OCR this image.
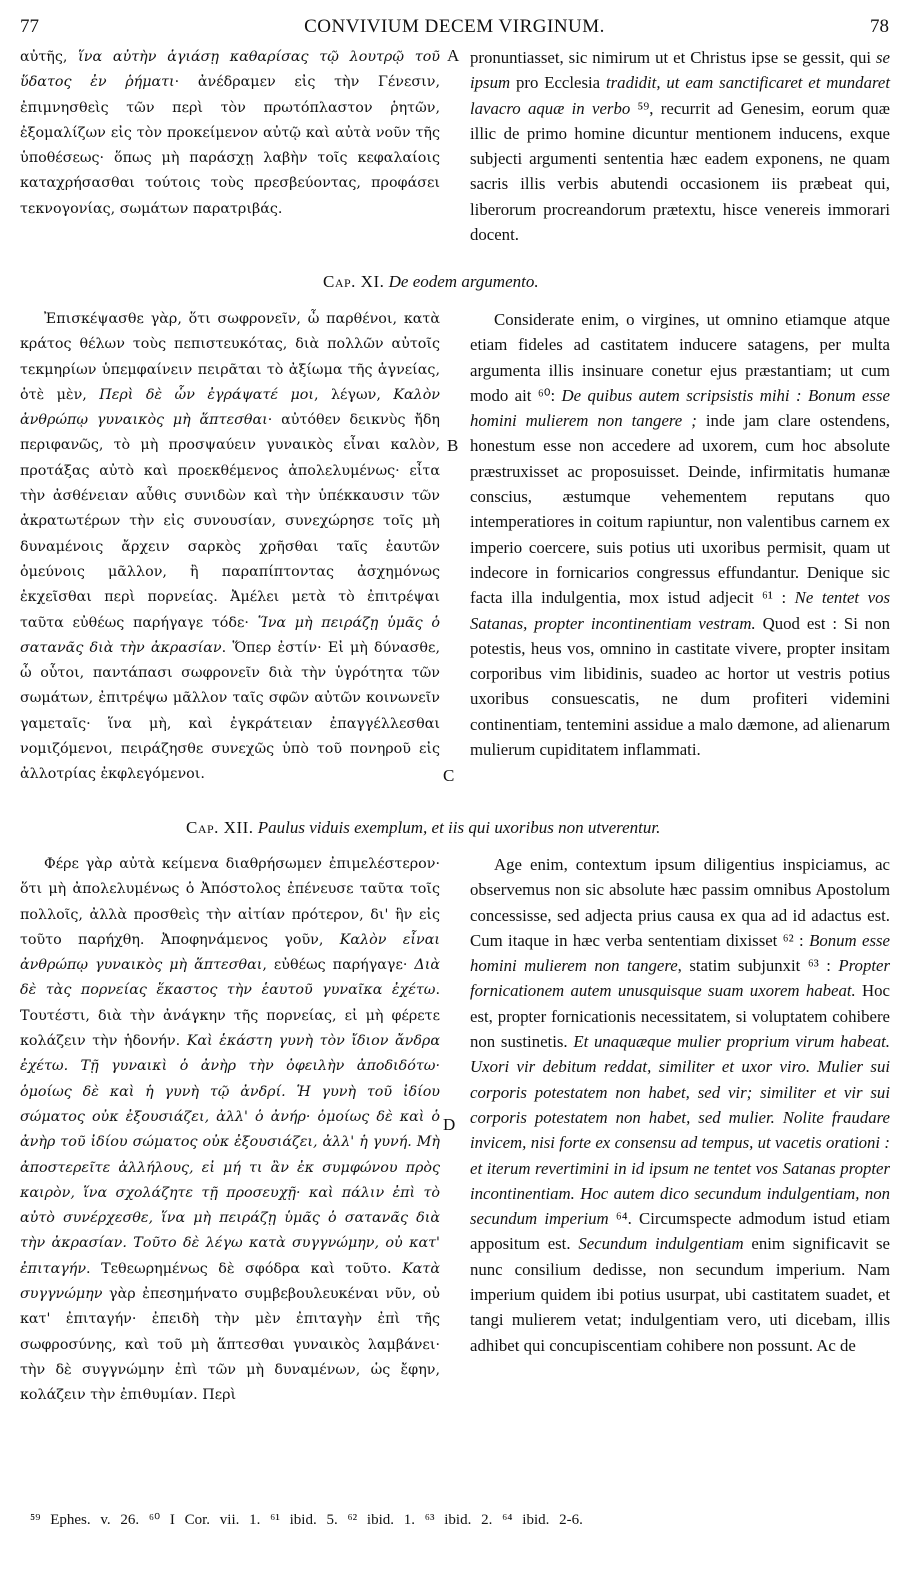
77	CONVIVIUM DECEM VIRGINUM.	78

αὐτῆς, ἵνα αὐτὴν ἁγιάσῃ καθαρίσας τῷ λουτρῷ τοῦ ὕδατος ἐν ῥήματι· ἀνέδραμεν εἰς τὴν Γένεσιν, ἐπιμνησθεὶς τῶν περὶ τὸν πρωτόπλαστον ῥητῶν, ἐξομαλίζων εἰς τὸν προκείμενον αὐτῷ καὶ αὐτὰ νοῦν τῆς ὑποθέσεως· ὅπως μὴ παράσχῃ λαβὴν τοῖς κεφαλαίοις καταχρήσασθαι τούτοις τοὺς πρεσβεύοντας, προφάσει τεκνογονίας, σωμάτων παρατριβάς.

A pronuntiasset, sic nimirum ut et Christus ipse se gessit, qui se ipsum pro Ecclesia tradidit, ut eam sanctificaret et mundaret lavacro aquæ in verbo ⁵⁹, recurrit ad Genesim, eorum quæ illic de primo homine dicuntur mentionem inducens, exque subjecti argumenti sententia hæc eadem exponens, ne quam sacris illis verbis abutendi occasionem iis præbeat qui, liberorum procreandorum prætextu, hisce venereis immorari docent.

Cap. XI. De eodem argumento.

Ἐπισκέψασθε γὰρ, ὅτι σωφρονεῖν, ὦ παρθένοι, κατὰ κράτος θέλων τοὺς πεπιστευκότας, διὰ πολλῶν αὐτοῖς τεκμηρίων ὑπεμφαίνειν πειρᾶται τὸ ἀξίωμα τῆς ἁγνείας, ὁτὲ μὲν, Περὶ δὲ ὧν ἐγράψατέ μοι, λέγων, Καλὸν ἀνθρώπῳ γυναικὸς μὴ ἅπτεσθαι· αὐτόθεν δεικνὺς ἤδη περιφανῶς, τὸ μὴ προσψαύειν γυναικὸς εἶναι καλὸν, προτάξας αὐτὸ καὶ προεκθέμενος ἀπολελυμένως· εἶτα τὴν ἀσθένειαν αὖθις συνιδὼν καὶ τὴν ὑπέκκαυσιν τῶν ἀκρατωτέρων τὴν εἰς συνουσίαν, συνεχώρησε τοῖς μὴ δυναμένοις ἄρχειν σαρκὸς χρῆσθαι ταῖς ἑαυτῶν ὁμεύνοις μᾶλλον, ἢ παραπίπτοντας ἀσχημόνως ἐκχεῖσθαι περὶ πορνείας. Ἀμέλει μετὰ τὸ ἐπιτρέψαι ταῦτα εὐθέως παρήγαγε τόδε· Ἵνα μὴ πειράζῃ ὑμᾶς ὁ σατανᾶς διὰ τὴν ἀκρασίαν. Ὅπερ ἐστίν· Εἰ μὴ δύνασθε, ὦ οὗτοι, παντάπασι σωφρονεῖν διὰ τὴν ὑγρότητα τῶν σωμάτων, ἐπιτρέψω μᾶλλον ταῖς σφῶν αὐτῶν κοινωνεῖν γαμεταῖς· ἵνα μὴ, καὶ ἐγκράτειαν ἐπαγγέλλεσθαι νομιζόμενοι, πειράζησθε συνεχῶς ὑπὸ τοῦ πονηροῦ εἰς ἀλλοτρίας ἐκφλεγόμενοι.

B
C

Considerate enim, o virgines, ut omnino etiamque atque etiam fideles ad castitatem inducere satagens, per multa argumenta illis insinuare conetur ejus præstantiam; ut cum modo ait ⁶⁰: De quibus autem scripsistis mihi : Bonum esse homini mulierem non tangere ; inde jam clare ostendens, honestum esse non accedere ad uxorem, cum hoc absolute præstruxisset ac proposuisset. Deinde, infirmitatis humanæ conscius, æstumque vehementem reputans quo intemperatiores in coitum rapiuntur, non valentibus carnem ex imperio coercere, suis potius uti uxoribus permisit, quam ut indecore in fornicarios congressus effundantur. Denique sic facta illa indulgentia, mox istud adjecit ⁶¹ : Ne tentet vos Satanas, propter incontinentiam vestram. Quod est : Si non potestis, heus vos, omnino in castitate vivere, propter insitam corporibus vim libidinis, suadeo ac hortor ut vestris potius uxoribus consuescatis, ne dum profiteri videmini continentiam, tentemini assidue a malo dæmone, ad alienarum mulierum cupiditatem inflammati.

Cap. XII. Paulus viduis exemplum, et iis qui uxoribus non utverentur.

Φέρε γὰρ αὐτὰ κείμενα διαθρήσωμεν ἐπιμελέστερον· ὅτι μὴ ἀπολελυμένως ὁ Ἀπόστολος ἐπένευσε ταῦτα τοῖς πολλοῖς, ἀλλὰ προσθεὶς τὴν αἰτίαν πρότερον, δι' ἣν εἰς τοῦτο παρήχθη. Ἀποφηνάμενος γοῦν, Καλὸν εἶναι ἀνθρώπῳ γυναικὸς μὴ ἅπτεσθαι, εὐθέως παρήγαγε· Διὰ δὲ τὰς πορνείας ἕκαστος τὴν ἑαυτοῦ γυναῖκα ἐχέτω. Τουτέστι, διὰ τὴν ἀνάγκην τῆς πορνείας, εἰ μὴ φέρετε κολάζειν τὴν ἡδονήν. Καὶ ἑκάστη γυνὴ τὸν ἴδιον ἄνδρα ἐχέτω. Τῇ γυναικὶ ὁ ἀνὴρ τὴν ὀφειλὴν ἀποδιδότω· ὁμοίως δὲ καὶ ἡ γυνὴ τῷ ἀνδρί. Ἡ γυνὴ τοῦ ἰδίου σώματος οὐκ ἐξουσιάζει, ἀλλ' ὁ ἀνήρ· ὁμοίως δὲ καὶ ὁ ἀνὴρ τοῦ ἰδίου σώματος οὐκ ἐξουσιάζει, ἀλλ' ἡ γυνή. Μὴ ἀποστερεῖτε ἀλλήλους, εἰ μή τι ἂν ἐκ συμφώνου πρὸς καιρὸν, ἵνα σχολάζητε τῇ προσευχῇ· καὶ πάλιν ἐπὶ τὸ αὐτὸ συνέρχεσθε, ἵνα μὴ πειράζῃ ὑμᾶς ὁ σατανᾶς διὰ τὴν ἀκρασίαν. Τοῦτο δὲ λέγω κατὰ συγγνώμην, οὐ κατ' ἐπιταγήν. Τεθεωρημένως δὲ σφόδρα καὶ τοῦτο. Κατὰ συγγνώμην γὰρ ἐπεσημήνατο συμβεβουλευκέναι νῦν, οὐ κατ' ἐπιταγήν· ἐπειδὴ τὴν μὲν ἐπιταγὴν ἐπὶ τῆς σωφροσύνης, καὶ τοῦ μὴ ἅπτεσθαι γυναικὸς λαμβάνει· τὴν δὲ συγγνώμην ἐπὶ τῶν μὴ δυναμένων, ὡς ἔφην, κολάζειν τὴν ἐπιθυμίαν. Περὶ

D

Age enim, contextum ipsum diligentius inspiciamus, ac observemus non sic absolute hæc passim omnibus Apostolum concessisse, sed adjecta prius causa ex qua ad id adactus est. Cum itaque in hæc verba sententiam dixisset ⁶² : Bonum esse homini mulierem non tangere, statim subjunxit ⁶³ : Propter fornicationem autem unusquisque suam uxorem habeat. Hoc est, propter fornicationis necessitatem, si voluptatem cohibere non sustinetis. Et unaquæque mulier proprium virum habeat. Uxori vir debitum reddat, similiter et uxor viro. Mulier sui corporis potestatem non habet, sed vir; similiter et vir sui corporis potestatem non habet, sed mulier. Nolite fraudare invicem, nisi forte ex consensu ad tempus, ut vacetis orationi : et iterum revertimini in id ipsum ne tentet vos Satanas propter incontinentiam. Hoc autem dico secundum indulgentiam, non secundum imperium ⁶⁴. Circumspecte admodum istud etiam appositum est. Secundum indulgentiam enim significavit se nunc consilium dedisse, non secundum imperium. Nam imperium quidem ibi potius usurpat, ubi castitatem suadet, et tangi mulierem vetat; indulgentiam vero, uti dicebam, illis adhibet qui concupiscentiam cohibere non possunt. Ac de

⁵⁹ Ephes. v. 26. ⁶⁰ I Cor. vii. 1. ⁶¹ ibid. 5. ⁶² ibid. 1. ⁶³ ibid. 2. ⁶⁴ ibid. 2-6.
